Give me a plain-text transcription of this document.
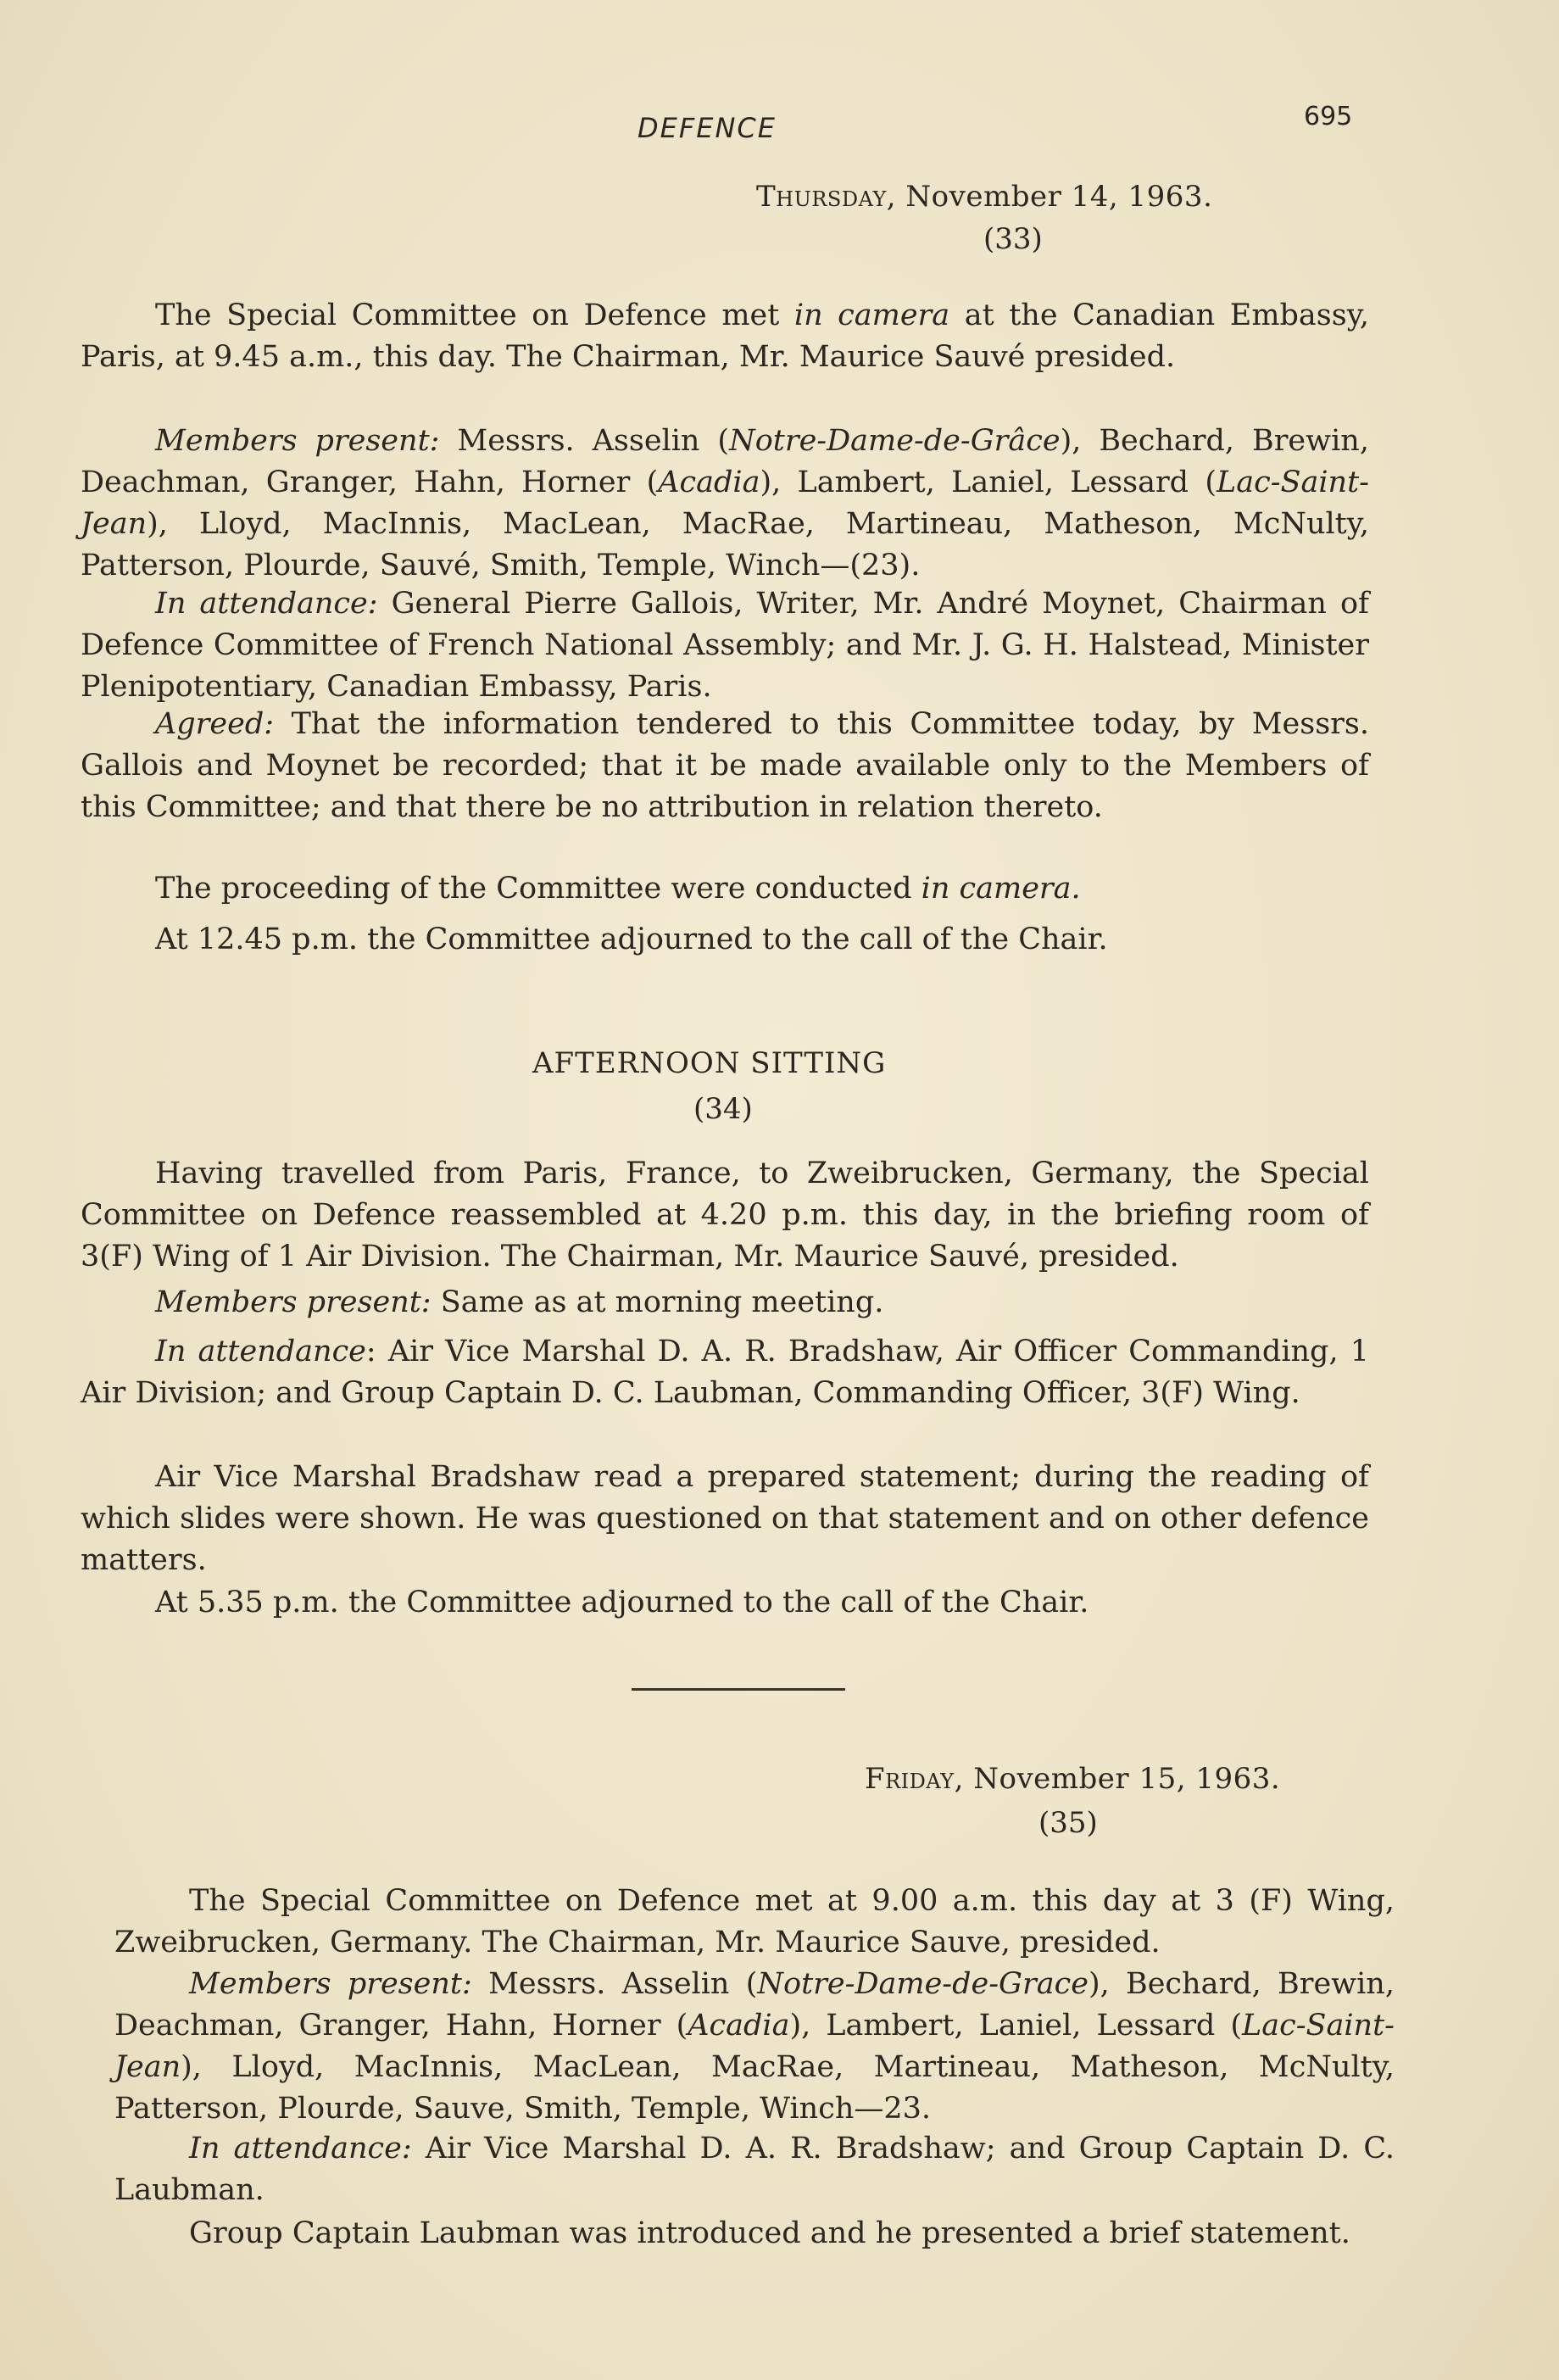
DEFENCE	695
Thursday, November 14, 1963.
(33)
The Special Committee on Defence met in camera at the Canadian Embassy, Paris, at 9.45 a.m., this day. The Chairman, Mr. Maurice Sauvé presided.
Members present: Messrs. Asselin (Notre-Dame-de-Grâce), Bechard, Brewin, Deachman, Granger, Hahn, Horner (Acadia), Lambert, Laniel, Lessard (Lac-Saint-Jean), Lloyd, MacInnis, MacLean, MacRae, Martineau, Matheson, McNulty, Patterson, Plourde, Sauvé, Smith, Temple, Winch—(23).
In attendance: General Pierre Gallois, Writer, Mr. André Moynet, Chairman of Defence Committee of French National Assembly; and Mr. J. G. H. Halstead, Minister Plenipotentiary, Canadian Embassy, Paris.
Agreed: That the information tendered to this Committee today, by Messrs. Gallois and Moynet be recorded; that it be made available only to the Members of this Committee; and that there be no attribution in relation thereto.
The proceeding of the Committee were conducted in camera.
At 12.45 p.m. the Committee adjourned to the call of the Chair.
AFTERNOON SITTING
(34)
Having travelled from Paris, France, to Zweibrucken, Germany, the Special Committee on Defence reassembled at 4.20 p.m. this day, in the briefing room of 3(F) Wing of 1 Air Division. The Chairman, Mr. Maurice Sauvé, presided.
Members present: Same as at morning meeting.
In attendance: Air Vice Marshal D. A. R. Bradshaw, Air Officer Commanding, 1 Air Division; and Group Captain D. C. Laubman, Commanding Officer, 3(F) Wing.
Air Vice Marshal Bradshaw read a prepared statement; during the reading of which slides were shown. He was questioned on that statement and on other defence matters.
At 5.35 p.m. the Committee adjourned to the call of the Chair.
Friday, November 15, 1963.
(35)
The Special Committee on Defence met at 9.00 a.m. this day at 3 (F) Wing, Zweibrucken, Germany. The Chairman, Mr. Maurice Sauve, presided.
Members present: Messrs. Asselin (Notre-Dame-de-Grace), Bechard, Brewin, Deachman, Granger, Hahn, Horner (Acadia), Lambert, Laniel, Lessard (Lac-Saint-Jean), Lloyd, MacInnis, MacLean, MacRae, Martineau, Matheson, McNulty, Patterson, Plourde, Sauve, Smith, Temple, Winch—23.
In attendance: Air Vice Marshal D. A. R. Bradshaw; and Group Captain D. C. Laubman.
Group Captain Laubman was introduced and he presented a brief statement.
